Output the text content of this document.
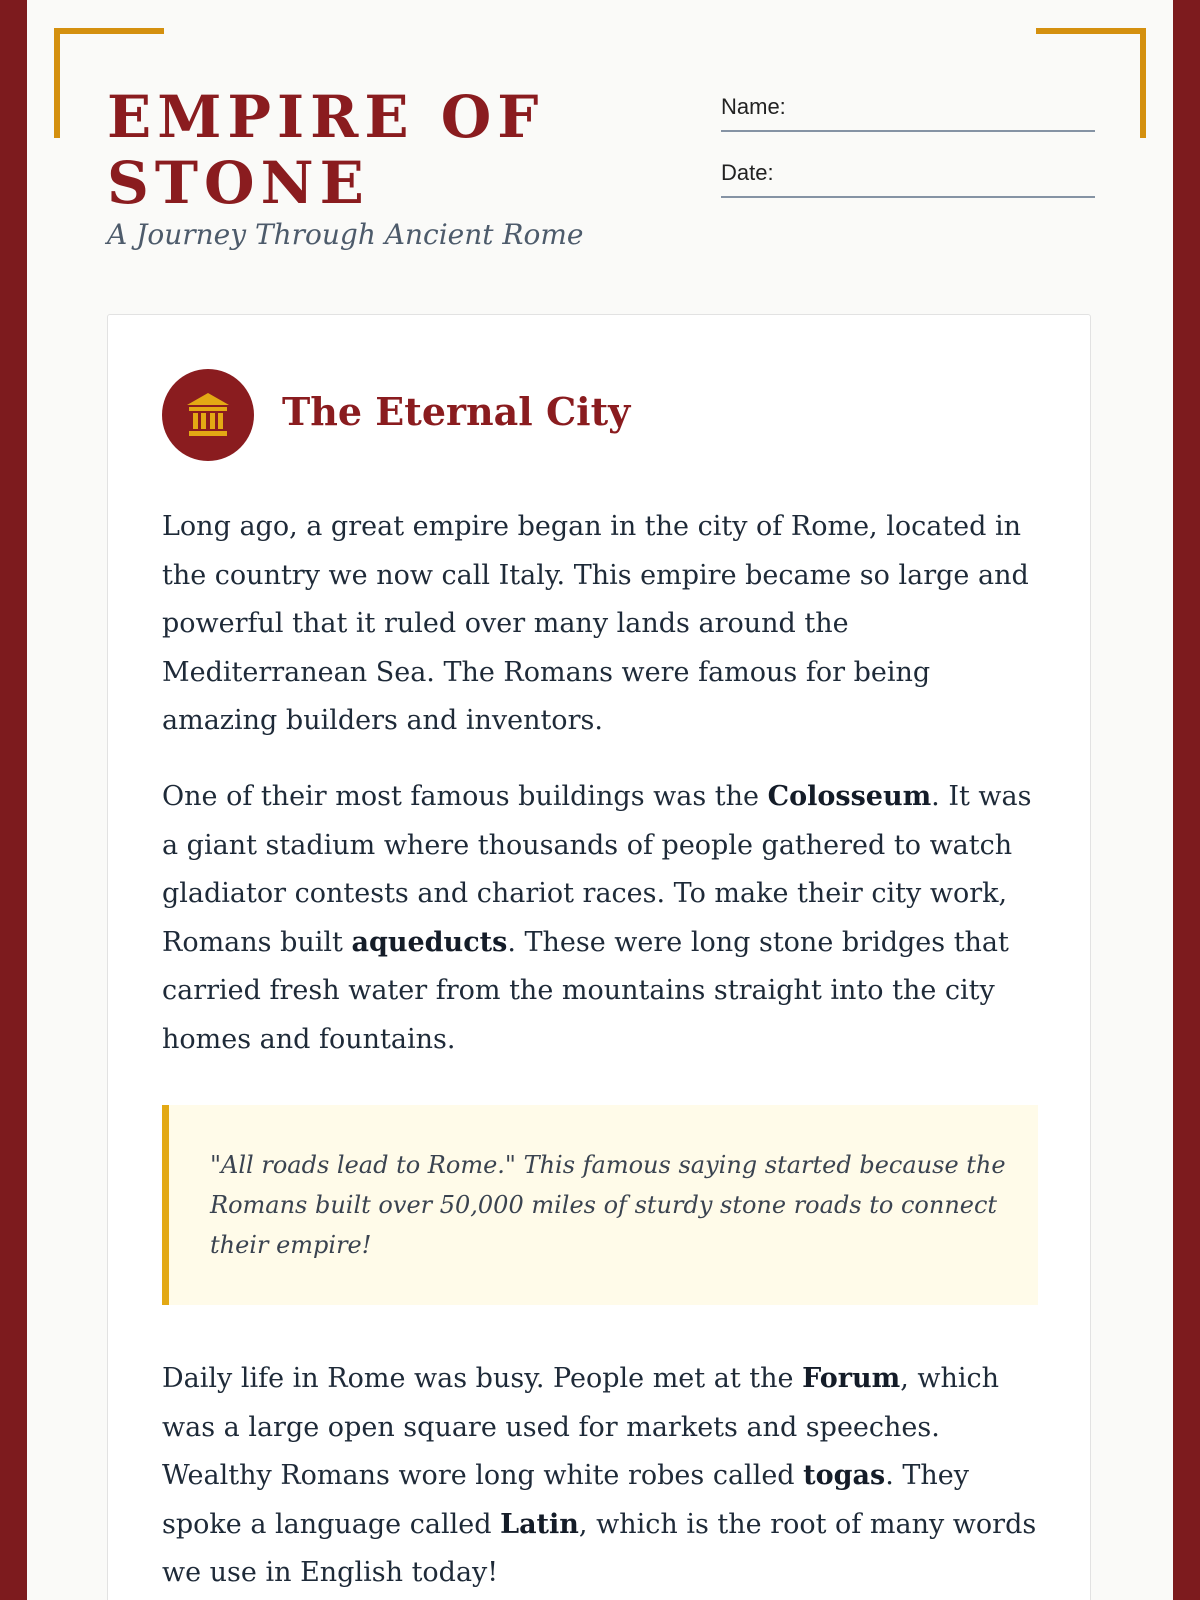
EMPIRE OF STONE

A Journey Through Ancient Rome

Name:
Date:
The Eternal City

Long ago, a great empire began in the city of Rome, located in the country we now call Italy. This empire became so large and powerful that it ruled over many lands around the Mediterranean Sea. The Romans were famous for being amazing builders and inventors.

One of their most famous buildings was the Colosseum. It was a giant stadium where thousands of people gathered to watch gladiator contests and chariot races. To make their city work, Romans built aqueducts. These were long stone bridges that carried fresh water from the mountains straight into the city homes and fountains.

"All roads lead to Rome." This famous saying started because the Romans built over 50,000 miles of sturdy stone roads to connect their empire!

Daily life in Rome was busy. People met at the Forum, which was a large open square used for markets and speeches. Wealthy Romans wore long white robes called togas. They spoke a language called Latin, which is the root of many words we use in English today!
